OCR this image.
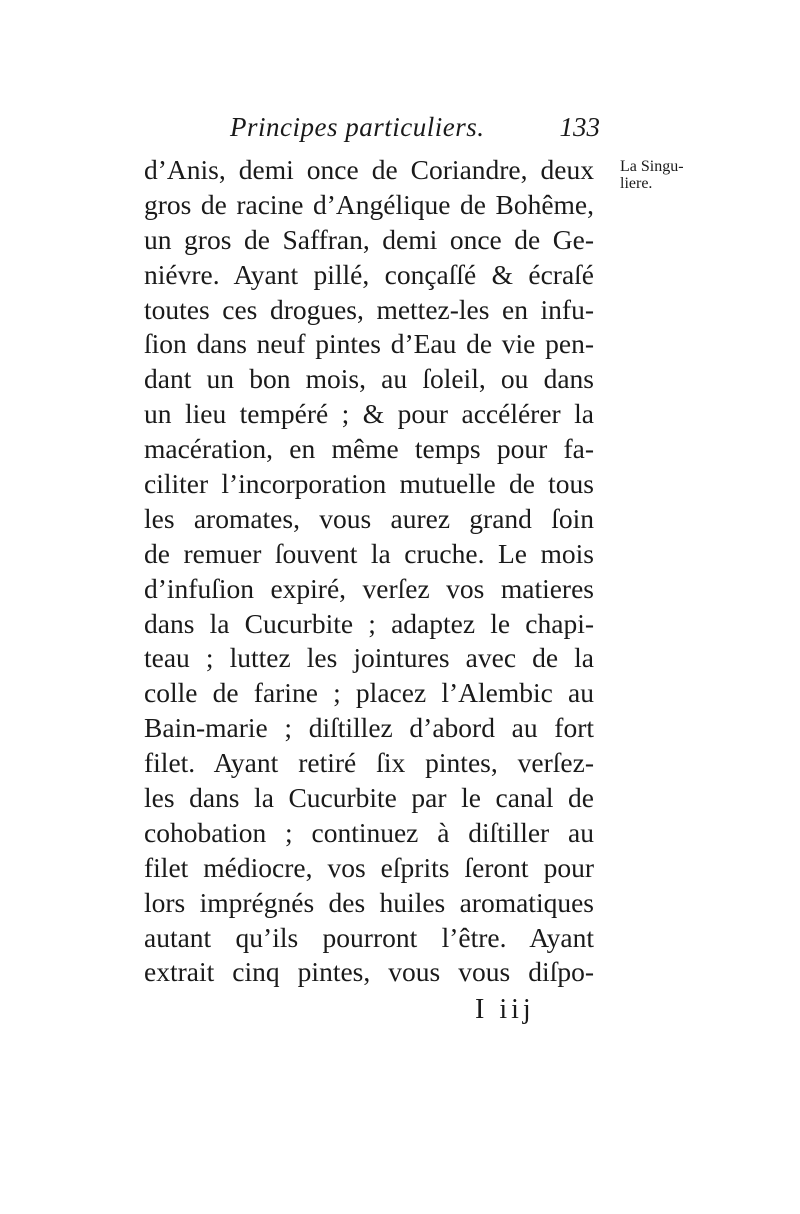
Principes particuliers.	133
La Singu-
liere.
d’Anis, demi once de Coriandre, deux
gros de racine d’Angélique de Bohême,
un gros de Saffran, demi once de Ge-
niévre. Ayant pillé, conçaſſé & écraſé
toutes ces drogues, mettez-les en infu-
ſion dans neuf pintes d’Eau de vie pen-
dant un bon mois, au ſoleil, ou dans
un lieu tempéré ; & pour accélérer la
macération, en même temps pour fa-
ciliter l’incorporation mutuelle de tous
les aromates, vous aurez grand ſoin
de remuer ſouvent la cruche. Le mois
d’infuſion expiré, verſez vos matieres
dans la Cucurbite ; adaptez le chapi-
teau ; luttez les jointures avec de la
colle de farine ; placez l’Alembic au
Bain-marie ; diſtillez d’abord au fort
filet. Ayant retiré ſix pintes, verſez-
les dans la Cucurbite par le canal de
cohobation ; continuez à diſtiller au
filet médiocre, vos eſprits ſeront pour
lors imprégnés des huiles aromatiques
autant qu’ils pourront l’être. Ayant
extrait cinq pintes, vous vous diſpo-
I iij
